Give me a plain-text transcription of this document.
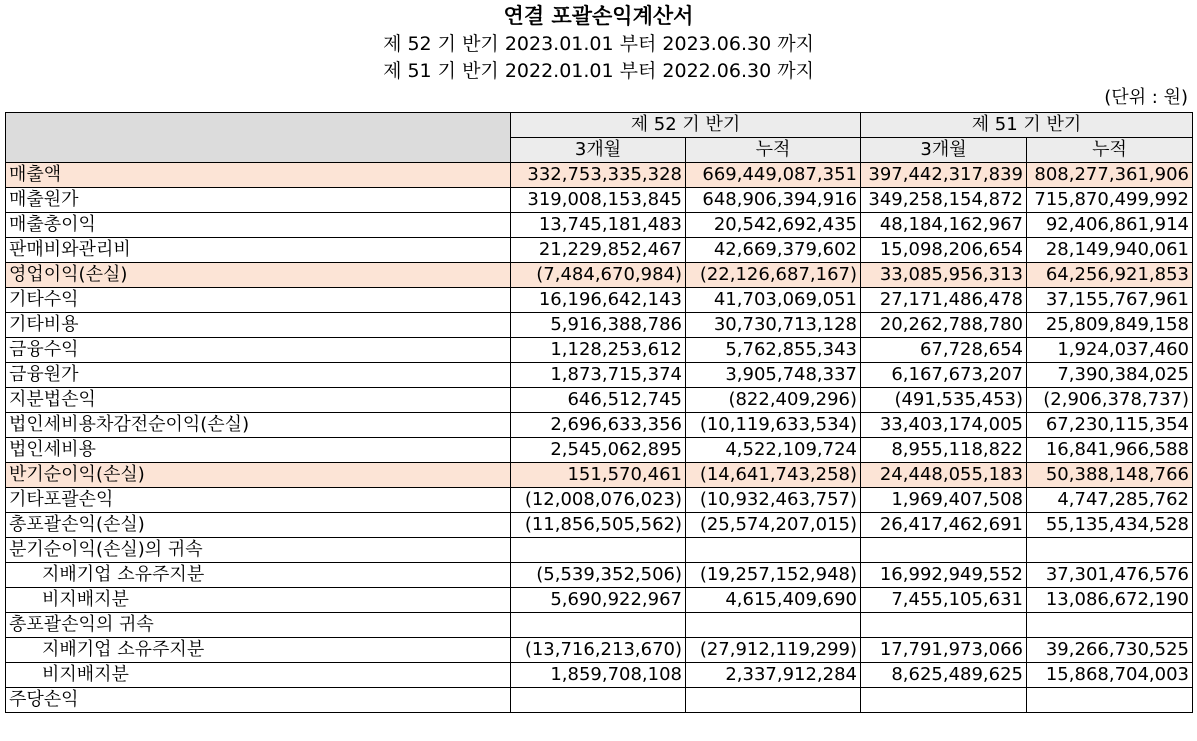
연결 포괄손익계산서
제 52 기 반기 2023.01.01 부터 2023.06.30 까지
제 51 기 반기 2022.01.01 부터 2022.06.30 까지
(단위 : 원)
	제 52 기 반기		제 51 기 반기	
	3개월	누적	3개월	누적
매출액	332,753,335,328	669,449,087,351	397,442,317,839	808,277,361,906
매출원가	319,008,153,845	648,906,394,916	349,258,154,872	715,870,499,992
매출총이익	13,745,181,483	20,542,692,435	48,184,162,967	92,406,861,914
판매비와관리비	21,229,852,467	42,669,379,602	15,098,206,654	28,149,940,061
영업이익(손실)	(7,484,670,984)	(22,126,687,167)	33,085,956,313	64,256,921,853
기타수익	16,196,642,143	41,703,069,051	27,171,486,478	37,155,767,961
기타비용	5,916,388,786	30,730,713,128	20,262,788,780	25,809,849,158
금융수익	1,128,253,612	5,762,855,343	67,728,654	1,924,037,460
금융원가	1,873,715,374	3,905,748,337	6,167,673,207	7,390,384,025
지분법손익	646,512,745	(822,409,296)	(491,535,453)	(2,906,378,737)
법인세비용차감전순이익(손실)	2,696,633,356	(10,119,633,534)	33,403,174,005	67,230,115,354
법인세비용	2,545,062,895	4,522,109,724	8,955,118,822	16,841,966,588
반기순이익(손실)	151,570,461	(14,641,743,258)	24,448,055,183	50,388,148,766
기타포괄손익	(12,008,076,023)	(10,932,463,757)	1,969,407,508	4,747,285,762
총포괄손익(손실)	(11,856,505,562)	(25,574,207,015)	26,417,462,691	55,135,434,528
분기순이익(손실)의 귀속				
지배기업 소유주지분	(5,539,352,506)	(19,257,152,948)	16,992,949,552	37,301,476,576
비지배지분	5,690,922,967	4,615,409,690	7,455,105,631	13,086,672,190
총포괄손익의 귀속				
지배기업 소유주지분	(13,716,213,670)	(27,912,119,299)	17,791,973,066	39,266,730,525
비지배지분	1,859,708,108	2,337,912,284	8,625,489,625	15,868,704,003
주당손익				
